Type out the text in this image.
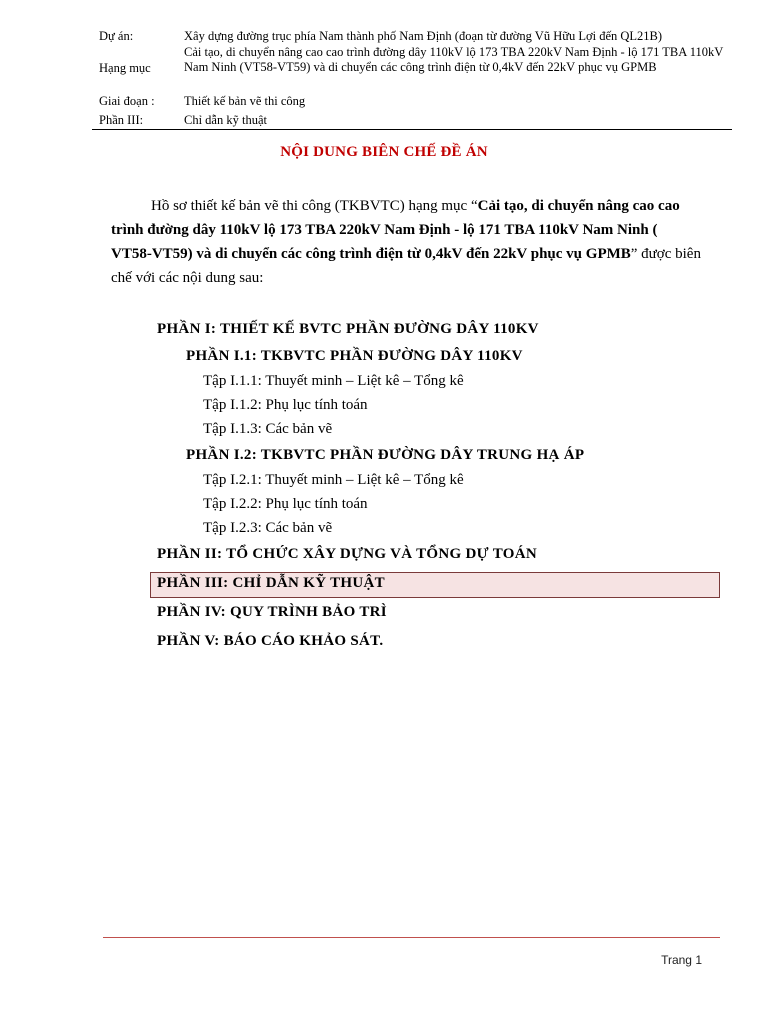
Dự án:	Xây dựng đường trục phía Nam thành phố Nam Định (đoạn từ đường Vũ Hữu Lợi đến QL21B)
Hạng mục
Cải tạo, di chuyển nâng cao cao trình đường dây 110kV lộ 173 TBA 220kV Nam Định - lộ 171 TBA 110kV Nam Ninh (VT58-VT59) và di chuyển các công trình điện từ 0,4kV đến 22kV phục vụ GPMB
Giai đoạn : Thiết kế bản vẽ thi công
Phần III:	Chỉ dẫn kỹ thuật
NỘI DUNG BIÊN CHẾ ĐỀ ÁN
Hồ sơ thiết kế bản vẽ thi công (TKBVTC) hạng mục “Cải tạo, di chuyển nâng cao cao trình đường dây 110kV lộ 173 TBA 220kV Nam Định - lộ 171 TBA 110kV Nam Ninh ( VT58-VT59) và di chuyển các công trình điện từ 0,4kV đến 22kV phục vụ GPMB” được biên chế với các nội dung sau:
PHẦN I: THIẾT KẾ BVTC PHẦN ĐƯỜNG DÂY 110KV
PHẦN I.1: TKBVTC PHẦN ĐƯỜNG DÂY 110KV
Tập I.1.1: Thuyết minh – Liệt kê – Tổng kê
Tập I.1.2: Phụ lục tính toán
Tập I.1.3: Các bản vẽ
PHẦN I.2: TKBVTC PHẦN ĐƯỜNG DÂY TRUNG HẠ ÁP
Tập I.2.1: Thuyết minh – Liệt kê – Tổng kê
Tập I.2.2: Phụ lục tính toán
Tập I.2.3: Các bản vẽ
PHẦN II: TỔ CHỨC XÂY DỰNG VÀ TỔNG DỰ TOÁN
PHẦN III: CHỈ DẪN KỸ THUẬT
PHẦN IV: QUY TRÌNH BẢO TRÌ
PHẦN V: BÁO CÁO KHẢO SÁT.
Trang 1
